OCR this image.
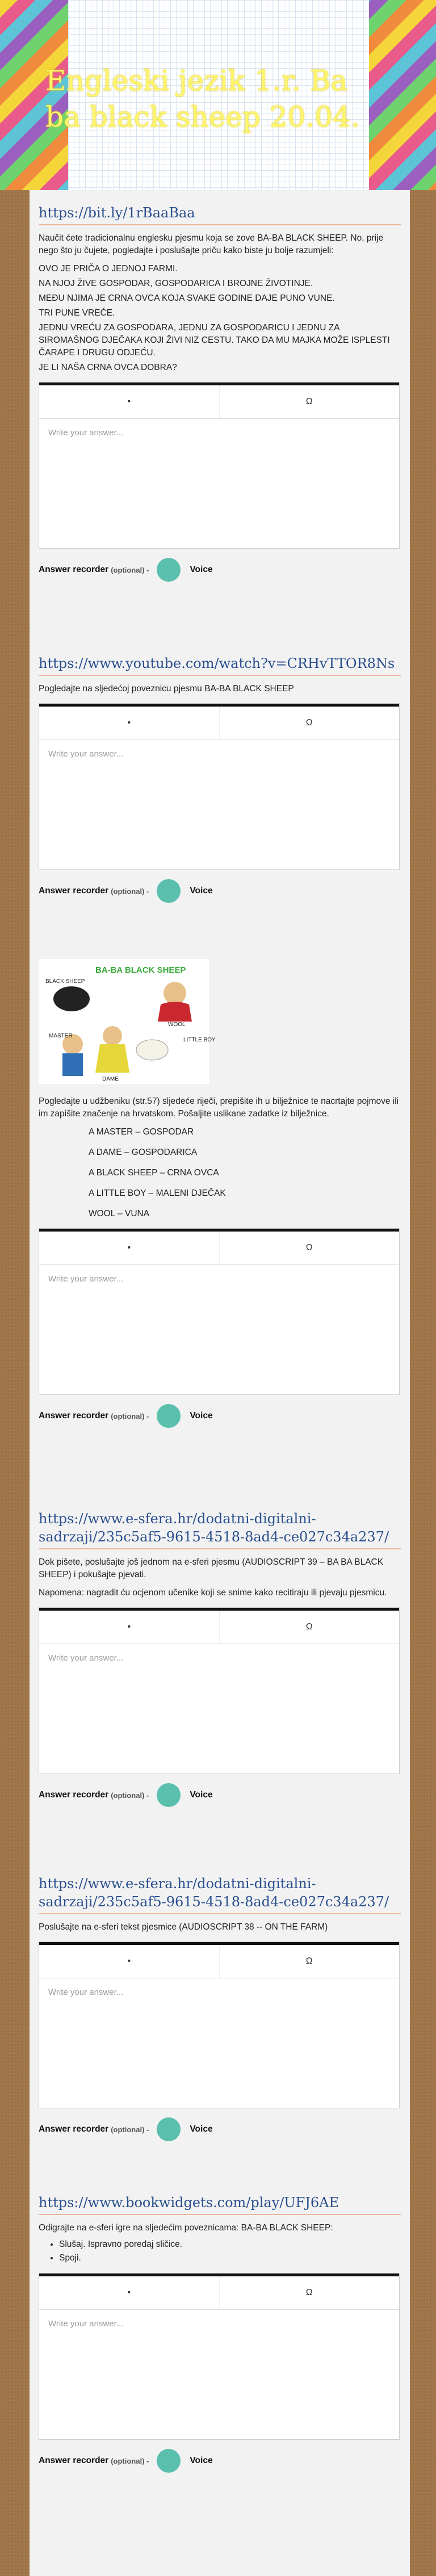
Engleski jezik 1.r. Ba ba black sheep 20.04.
https://bit.ly/1rBaaBaa

Naučit ćete tradicionalnu englesku pjesmu koja se zove BA-BA BLACK SHEEP. No, prije nego što ju čujete, pogledajte i poslušajte priču kako biste ju bolje razumjeli:

OVO JE PRIČA O JEDNOJ FARMI.

NA NJOJ ŽIVE GOSPODAR, GOSPODARICA I BROJNE ŽIVOTINJE.

MEĐU NJIMA JE CRNA OVCA KOJA SVAKE GODINE DAJE PUNO VUNE.

TRI PUNE VREĆE.

JEDNU VREĆU ZA GOSPODARA, JEDNU ZA GOSPODARICU I JEDNU ZA SIROMAŠNOG DJEČAKA KOJI ŽIVI NIZ CESTU. TAKO DA MU MAJKA MOŽE ISPLESTI ČARAPE I DRUGU ODJEĆU.

JE LI NAŠA CRNA OVCA DOBRA?

•	Ω
Write your answer...
Answer recorder (optional) -	Voice
https://www.youtube.com/watch?v=CRHvTTOR8Ns

Pogledajte na sljedećoj poveznicu pjesmu BA-BA BLACK SHEEP

•	Ω
Write your answer...
Answer recorder (optional) -	Voice
BA-BA BLACK SHEEP
BLACK SHEEP
MASTER
DAME
LITTLE BOY
WOOL

Pogledajte u udžbeniku (str.57) sljedeće riječi, prepišite ih u bilježnice te nacrtajte pojmove ili im zapišite značenje na hrvatskom. Pošaljite uslikane zadatke iz bilježnice.

A MASTER – GOSPODAR

A DAME – GOSPODARICA

A BLACK SHEEP – CRNA OVCA

A LITTLE BOY – MALENI DJEČAK

WOOL – VUNA

•	Ω
Write your answer...
Answer recorder (optional) -	Voice
https://www.e-sfera.hr/dodatni-digitalni-sadrzaji/235c5af5-9615-4518-8ad4-ce027c34a237/

Dok pišete, poslušajte još jednom na e-sferi pjesmu (AUDIOSCRIPT 39 – BA BA BLACK SHEEP) i pokušajte pjevati.

Napomena: nagradit ću ocjenom učenike koji se snime kako recitiraju ili pjevaju pjesmicu.

•	Ω
Write your answer...
Answer recorder (optional) -	Voice
https://www.e-sfera.hr/dodatni-digitalni-sadrzaji/235c5af5-9615-4518-8ad4-ce027c34a237/

Poslušajte na e-sferi tekst pjesmice (AUDIOSCRIPT 38 -- ON THE FARM)

•	Ω
Write your answer...
Answer recorder (optional) -	Voice
https://www.bookwidgets.com/play/UFJ6AE

Odigrajte na e-sferi igre na sljedećim poveznicama: BA-BA BLACK SHEEP:

• Slušaj. Ispravno poredaj sličice.
• Spoji.
•	Ω
Write your answer...
Answer recorder (optional) -	Voice
